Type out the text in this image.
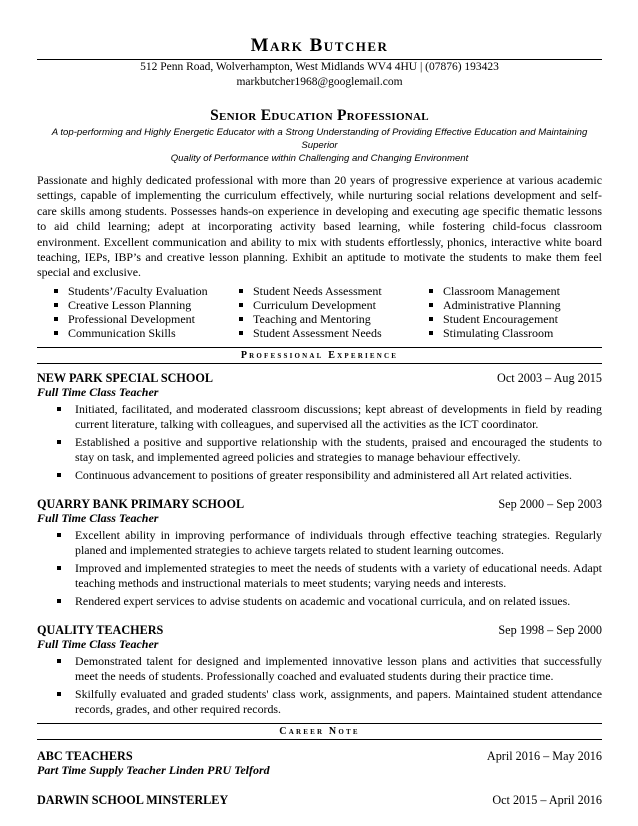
Mark Butcher
512 Penn Road, Wolverhampton, West Midlands WV4 4HU | (07876) 193423
markbutcher1968@googlemail.com
Senior Education Professional
A top-performing and Highly Energetic Educator with a Strong Understanding of Providing Effective Education and Maintaining Superior
Quality of Performance within Challenging and Changing Environment
Passionate and highly dedicated professional with more than 20 years of progressive experience at various academic settings, capable of implementing the curriculum effectively, while nurturing social relations development and self-care skills among students. Possesses hands-on experience in developing and executing age specific thematic lessons to aid child learning; adept at incorporating activity based learning, while fostering child-focus classroom environment. Excellent communication and ability to mix with students effortlessly, phonics, interactive white board teaching, IEPs, IBP’s and creative lesson planning. Exhibit an aptitude to motivate the students to make them feel special and exclusive.
Students’/Faculty Evaluation	Student Needs Assessment	Classroom Management
Creative Lesson Planning	Curriculum Development	Administrative Planning
Professional Development	Teaching and Mentoring	Student Encouragement
Communication Skills	Student Assessment Needs	Stimulating Classroom
Professional Experience
NEW PARK SPECIAL SCHOOL	Oct 2003 – Aug 2015
Full Time Class Teacher
Initiated, facilitated, and moderated classroom discussions; kept abreast of developments in field by reading current literature, talking with colleagues, and supervised all the activities as the ICT coordinator.
Established a positive and supportive relationship with the students, praised and encouraged the students to stay on task, and implemented agreed policies and strategies to manage behaviour effectively.
Continuous advancement to positions of greater responsibility and administered all Art related activities.
QUARRY BANK PRIMARY SCHOOL	Sep 2000 – Sep 2003
Full Time Class Teacher
Excellent ability in improving performance of individuals through effective teaching strategies. Regularly planed and implemented strategies to achieve targets related to student learning outcomes.
Improved and implemented strategies to meet the needs of students with a variety of educational needs. Adapt teaching methods and instructional materials to meet students; varying needs and interests.
Rendered expert services to advise students on academic and vocational curricula, and on related issues.
QUALITY TEACHERS	Sep 1998 – Sep 2000
Full Time Class Teacher
Demonstrated talent for designed and implemented innovative lesson plans and activities that successfully meet the needs of students. Professionally coached and evaluated students during their practice time.
Skilfully evaluated and graded students' class work, assignments, and papers. Maintained student attendance records, grades, and other required records.
Career Note
ABC TEACHERS	April 2016 – May 2016
Part Time Supply Teacher Linden PRU Telford
DARWIN SCHOOL MINSTERLEY	Oct 2015 – April 2016
